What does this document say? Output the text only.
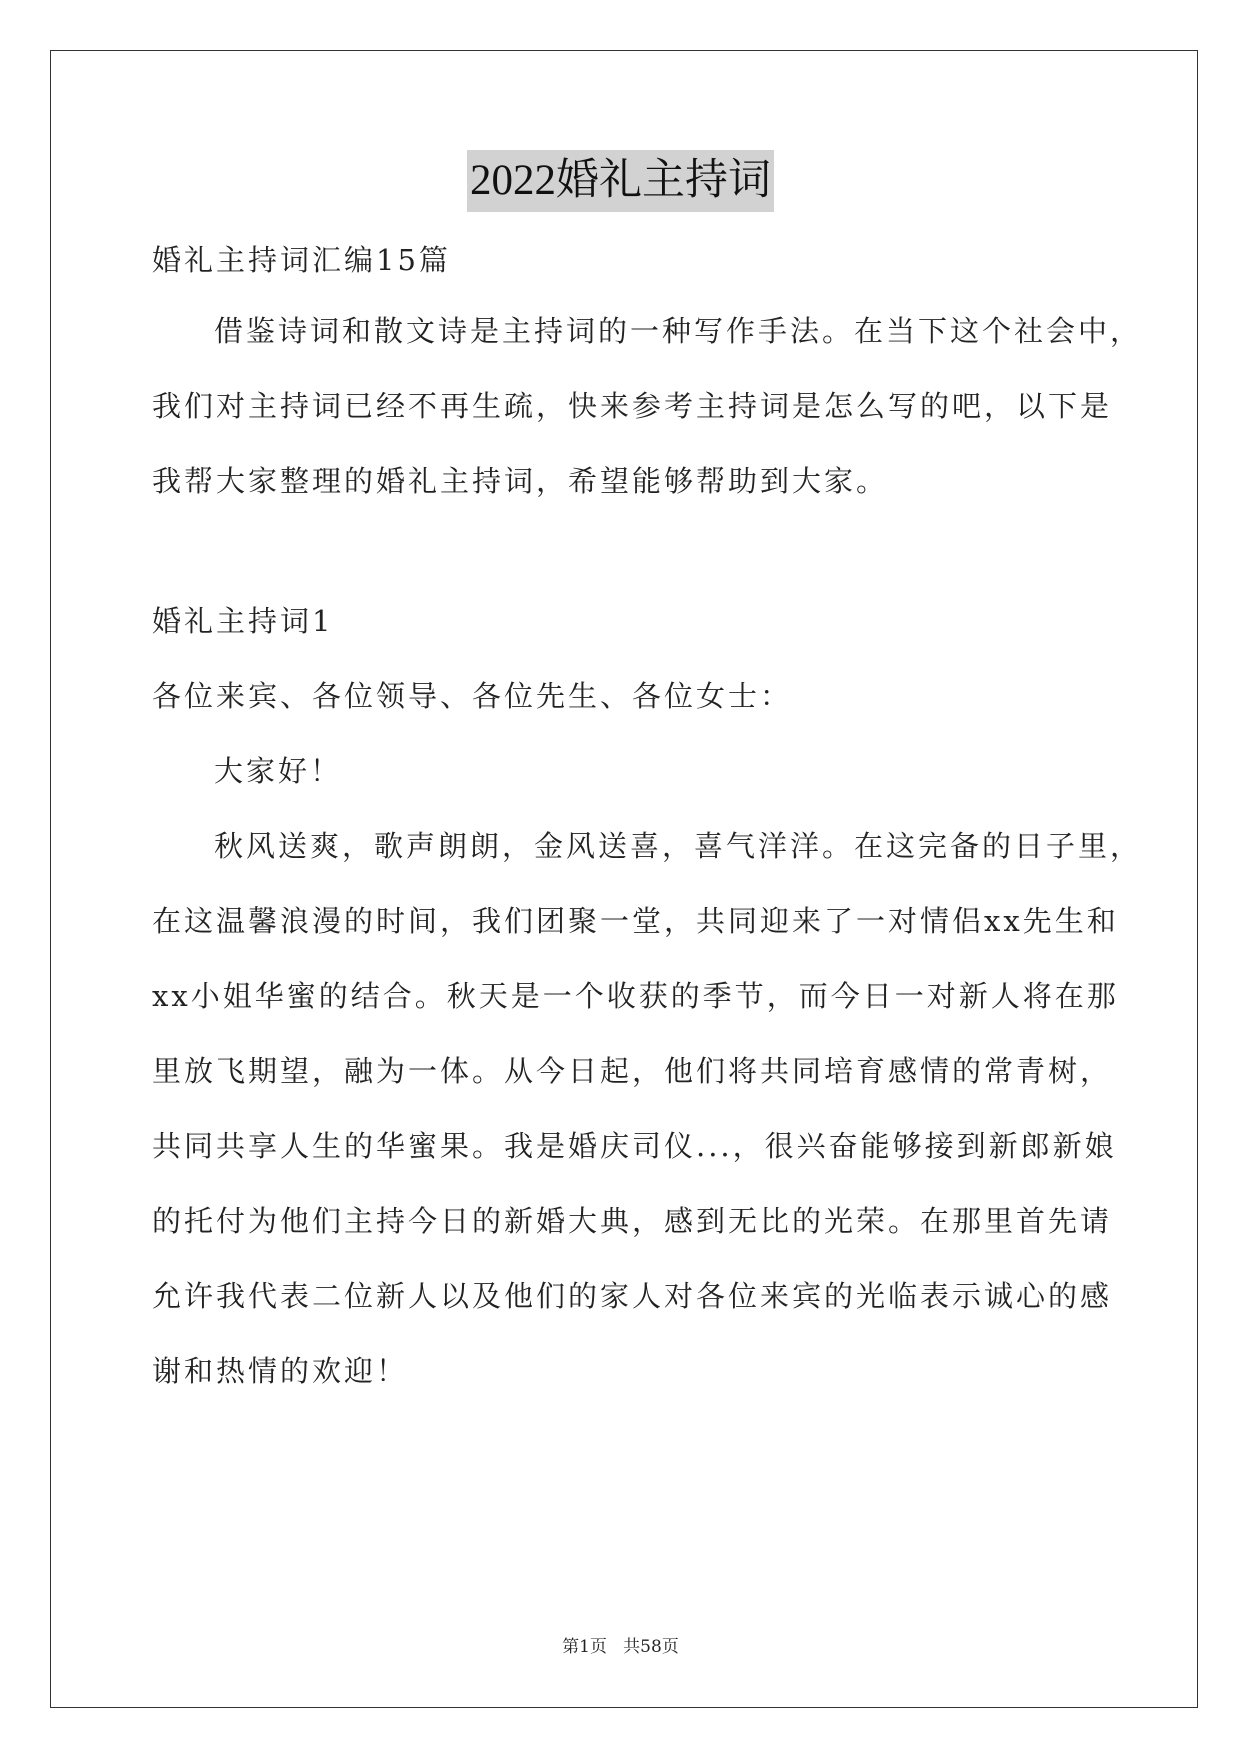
2022婚礼主持词
婚礼主持词汇编15篇
借鉴诗词和散文诗是主持词的一种写作手法。在当下这个社会中，
我们对主持词已经不再生疏，快来参考主持词是怎么写的吧，以下是
我帮大家整理的婚礼主持词，希望能够帮助到大家。
婚礼主持词1
各位来宾、各位领导、各位先生、各位女士：
大家好！
秋风送爽，歌声朗朗，金风送喜，喜气洋洋。在这完备的日子里，
在这温馨浪漫的时间，我们团聚一堂，共同迎来了一对情侣xx先生和
xx小姐华蜜的结合。秋天是一个收获的季节，而今日一对新人将在那
里放飞期望，融为一体。从今日起，他们将共同培育感情的常青树，
共同共享人生的华蜜果。我是婚庆司仪...，很兴奋能够接到新郎新娘
的托付为他们主持今日的新婚大典，感到无比的光荣。在那里首先请
允许我代表二位新人以及他们的家人对各位来宾的光临表示诚心的感
谢和热情的欢迎！
第1页   共58页
